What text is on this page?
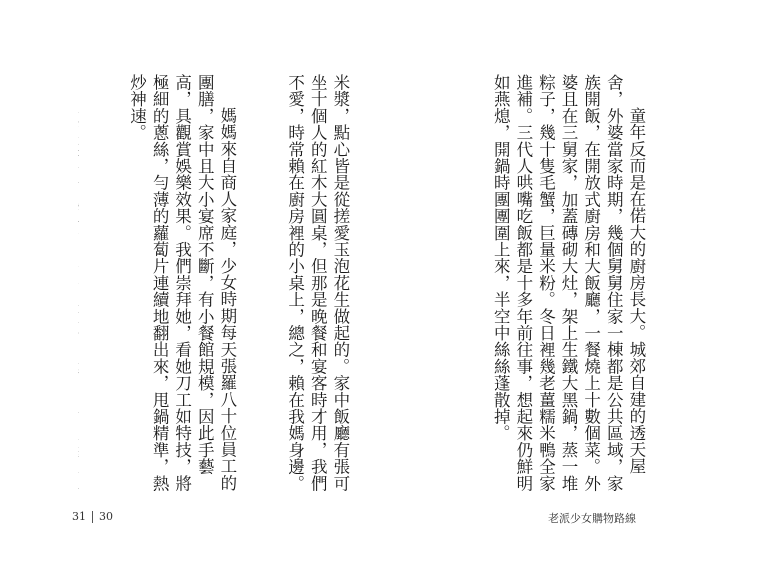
米漿，點心皆是從搓愛玉泡花生做起的。家中飯廳有張可坐十個人的紅木大圓桌，但那是晚餐和宴客時才用，我們不愛，時常賴在廚房裡的小桌上，總之，賴在我媽身邊。

媽媽來自商人家庭，少女時期每天張羅八十位員工的團膳，家中且大小宴席不斷，有小餐館規模，因此手藝高，具觀賞娛樂效果。我們崇拜她，看她刀工如特技，將極細的蔥絲，勻薄的蘿蔔片連續地翻出來，甩鍋精準，熱炒神速。

	童年反而是在偌大的廚房長大。城郊自建的透天屋舍，外婆當家時期，幾個舅舅住家一棟都是公共區域，家族開飯，在開放式廚房和大飯廳，一餐燒上十數個菜。外婆且在三舅家，加蓋磚砌大灶，架上生鐵大黑鍋，蒸一堆粽子，幾十隻毛蟹，巨量米粉。冬日裡幾老薑糯米鴨全家進補。三代人哄嘴吃飯都是十多年前往事，想起來仍鮮明如燕熄，開鍋時團團圍上來，半空中絲絲蓬散掉。

31 30	老派少女購物路線
